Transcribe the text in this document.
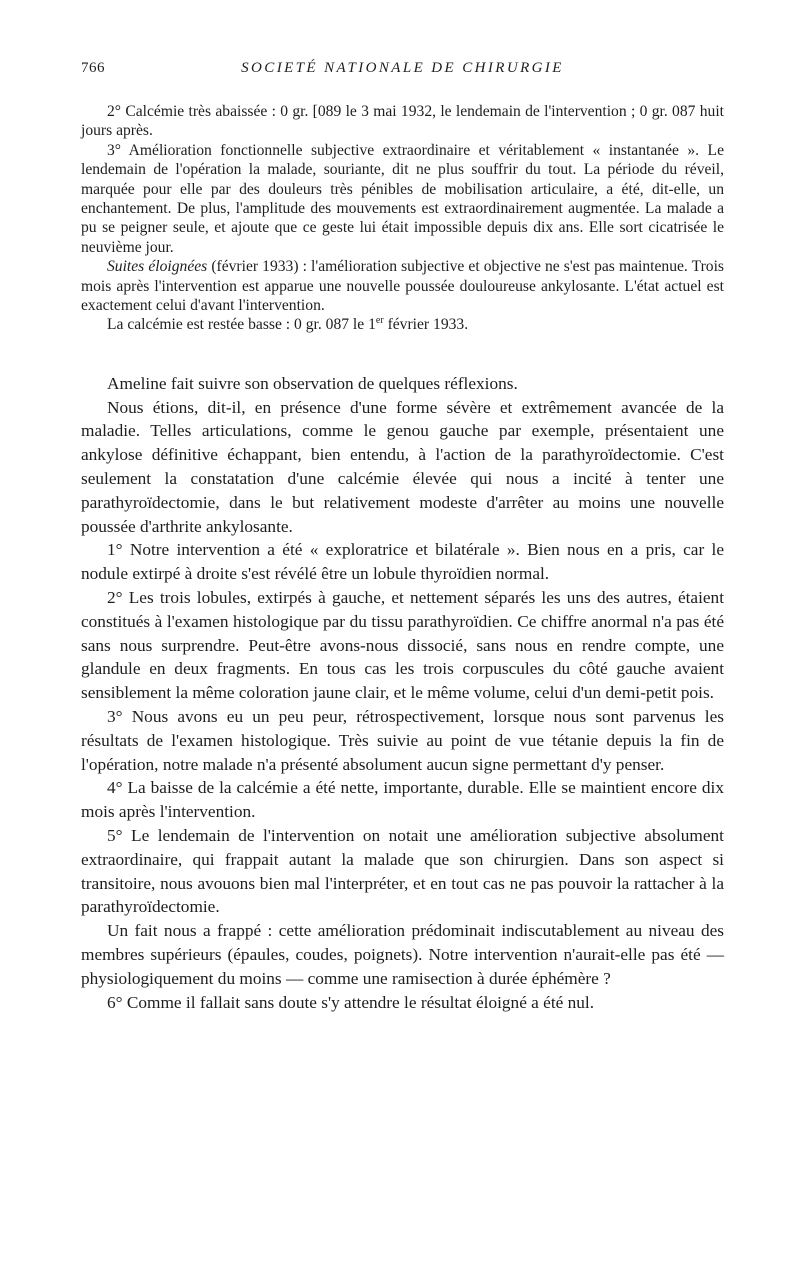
766	SOCIETÉ NATIONALE DE CHIRURGIE

2° Calcémie très abaissée : 0 gr. [089 le 3 mai 1932, le lendemain de l'intervention ; 0 gr. 087 huit jours après.

3° Amélioration fonctionnelle subjective extraordinaire et véritablement « instantanée ». Le lendemain de l'opération la malade, souriante, dit ne plus souffrir du tout. La période du réveil, marquée pour elle par des douleurs très pénibles de mobilisation articulaire, a été, dit-elle, un enchantement. De plus, l'amplitude des mouvements est extraordinairement augmentée. La malade a pu se peigner seule, et ajoute que ce geste lui était impossible depuis dix ans. Elle sort cicatrisée le neuvième jour.

Suites éloignées (février 1933) : l'amélioration subjective et objective ne s'est pas maintenue. Trois mois après l'intervention est apparue une nouvelle poussée douloureuse ankylosante. L'état actuel est exactement celui d'avant l'intervention.

La calcémie est restée basse : 0 gr. 087 le 1er février 1933.

Ameline fait suivre son observation de quelques réflexions.

Nous étions, dit-il, en présence d'une forme sévère et extrêmement avancée de la maladie. Telles articulations, comme le genou gauche par exemple, présentaient une ankylose définitive échappant, bien entendu, à l'action de la parathyroïdectomie. C'est seulement la constatation d'une calcémie élevée qui nous a incité à tenter une parathyroïdectomie, dans le but relativement modeste d'arrêter au moins une nouvelle poussée d'arthrite ankylosante.

1° Notre intervention a été « exploratrice et bilatérale ». Bien nous en a pris, car le nodule extirpé à droite s'est révélé être un lobule thyroïdien normal.

2° Les trois lobules, extirpés à gauche, et nettement séparés les uns des autres, étaient constitués à l'examen histologique par du tissu parathyroïdien. Ce chiffre anormal n'a pas été sans nous surprendre. Peut-être avons-nous dissocié, sans nous en rendre compte, une glandule en deux fragments. En tous cas les trois corpuscules du côté gauche avaient sensiblement la même coloration jaune clair, et le même volume, celui d'un demi-petit pois.

3° Nous avons eu un peu peur, rétrospectivement, lorsque nous sont parvenus les résultats de l'examen histologique. Très suivie au point de vue tétanie depuis la fin de l'opération, notre malade n'a présenté absolument aucun signe permettant d'y penser.

4° La baisse de la calcémie a été nette, importante, durable. Elle se maintient encore dix mois après l'intervention.

5° Le lendemain de l'intervention on notait une amélioration subjective absolument extraordinaire, qui frappait autant la malade que son chirurgien. Dans son aspect si transitoire, nous avouons bien mal l'interpréter, et en tout cas ne pas pouvoir la rattacher à la parathyroïdectomie.

Un fait nous a frappé : cette amélioration prédominait indiscutablement au niveau des membres supérieurs (épaules, coudes, poignets). Notre intervention n'aurait-elle pas été — physiologiquement du moins — comme une ramisection à durée éphémère ?

6° Comme il fallait sans doute s'y attendre le résultat éloigné a été nul.
